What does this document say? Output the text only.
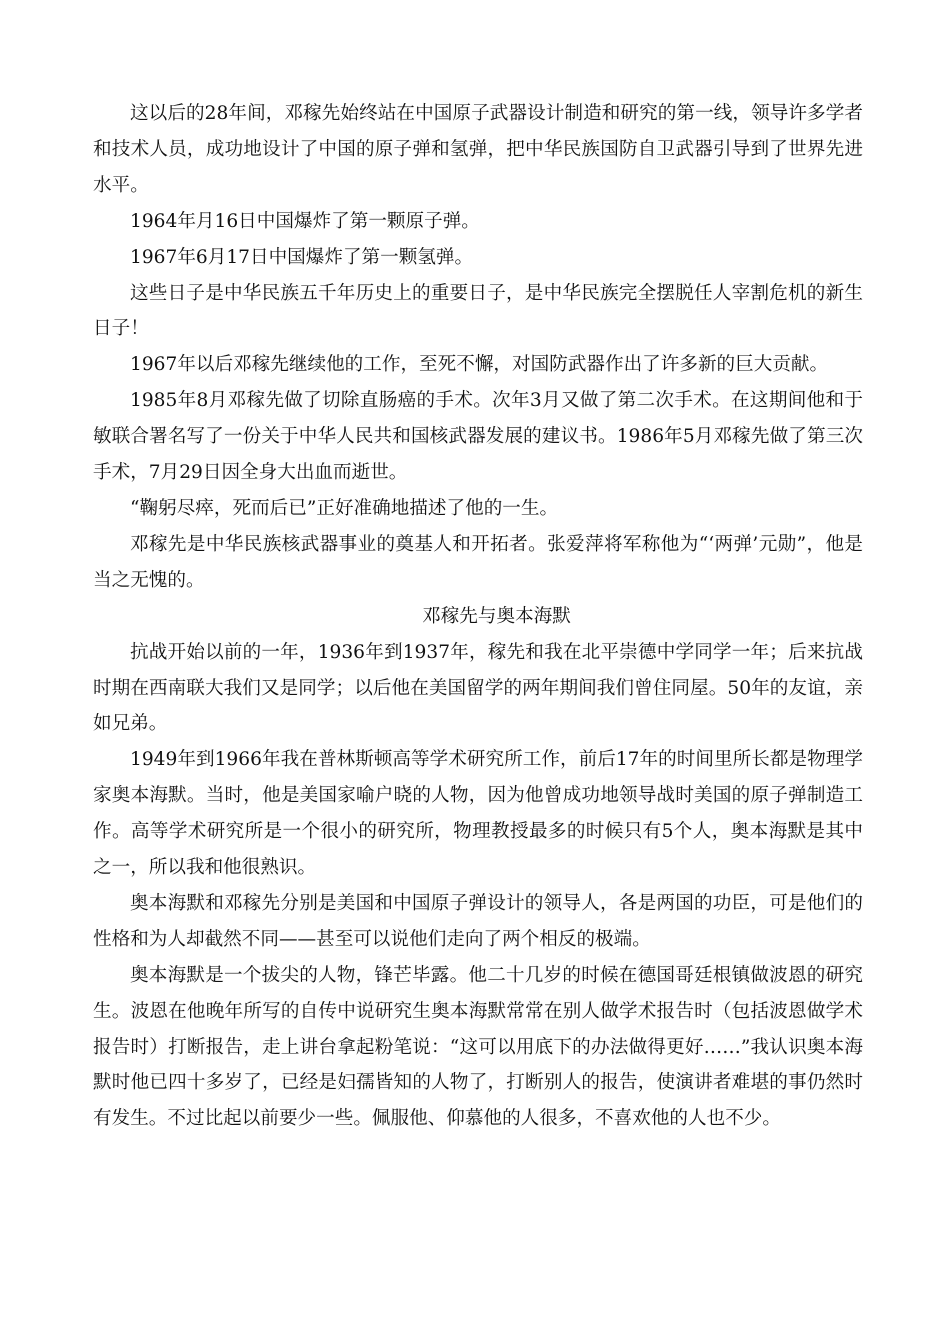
这以后的28年间，邓稼先始终站在中国原子武器设计制造和研究的第一线，领导许多学者和技术人员，成功地设计了中国的原子弹和氢弹，把中华民族国防自卫武器引导到了世界先进水平。

1964年月16日中国爆炸了第一颗原子弹。

1967年6月17日中国爆炸了第一颗氢弹。

这些日子是中华民族五千年历史上的重要日子，是中华民族完全摆脱任人宰割危机的新生日子！

1967年以后邓稼先继续他的工作，至死不懈，对国防武器作出了许多新的巨大贡献。

1985年8月邓稼先做了切除直肠癌的手术。次年3月又做了第二次手术。在这期间他和于敏联合署名写了一份关于中华人民共和国核武器发展的建议书。1986年5月邓稼先做了第三次手术，7月29日因全身大出血而逝世。

“鞠躬尽瘁，死而后已”正好准确地描述了他的一生。

邓稼先是中华民族核武器事业的奠基人和开拓者。张爱萍将军称他为“‘两弹’元勋”，他是当之无愧的。

邓稼先与奥本海默

抗战开始以前的一年，1936年到1937年，稼先和我在北平崇德中学同学一年；后来抗战时期在西南联大我们又是同学；以后他在美国留学的两年期间我们曾住同屋。50年的友谊，亲如兄弟。

1949年到1966年我在普林斯顿高等学术研究所工作，前后17年的时间里所长都是物理学家奥本海默。当时，他是美国家喻户晓的人物，因为他曾成功地领导战时美国的原子弹制造工作。高等学术研究所是一个很小的研究所，物理教授最多的时候只有5个人，奥本海默是其中之一，所以我和他很熟识。

奥本海默和邓稼先分别是美国和中国原子弹设计的领导人，各是两国的功臣，可是他们的性格和为人却截然不同——甚至可以说他们走向了两个相反的极端。

奥本海默是一个拔尖的人物，锋芒毕露。他二十几岁的时候在德国哥廷根镇做波恩的研究生。波恩在他晚年所写的自传中说研究生奥本海默常常在别人做学术报告时（包括波恩做学术报告时）打断报告，走上讲台拿起粉笔说：“这可以用底下的办法做得更好……”我认识奥本海默时他已四十多岁了，已经是妇孺皆知的人物了，打断别人的报告，使演讲者难堪的事仍然时有发生。不过比起以前要少一些。佩服他、仰慕他的人很多，不喜欢他的人也不少。
